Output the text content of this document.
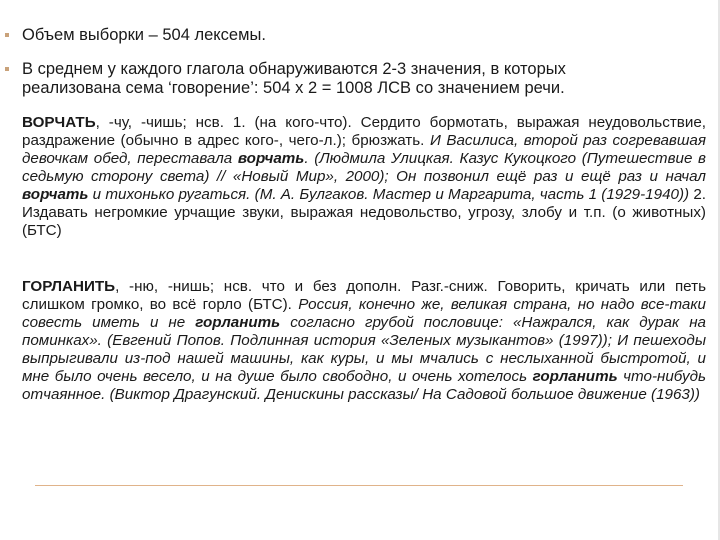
Объем выборки – 504 лексемы.
В среднем у каждого глагола обнаруживаются 2-3 значения, в которых
реализована сема ‘говорение’: 504 x 2 = 1008 ЛСВ со значением речи.
ВОРЧАТЬ, -чу, -чишь; нсв. 1. (на кого-что). Сердито бормотать, выражая неудовольствие, раздражение (обычно в адрес кого-, чего-л.); брюзжать. И Василиса, второй раз согревавшая девочкам обед, переставала ворчать. (Людмила Улицкая. Казус Кукоцкого (Путешествие в седьмую сторону света) // «Новый Мир», 2000); Он позвонил ещё раз и ещё раз и начал ворчать и тихонько ругаться. (М. А. Булгаков. Мастер и Маргарита, часть 1 (1929-1940)) 2. Издавать негромкие урчащие звуки, выражая недовольство, угрозу, злобу и т.п. (о животных) (БТС)
ГОРЛАНИТЬ, -ню, -нишь; нсв. что и без дополн. Разг.-сниж. Говорить, кричать или петь слишком громко, во всё горло (БТС). Россия, конечно же, великая страна, но надо все-таки совесть иметь и не горланить согласно грубой пословице: «Нажрался, как дурак на поминках». (Евгений Попов. Подлинная история «Зеленых музыкантов» (1997)); И пешеходы выпрыгивали из-под нашей машины, как куры, и мы мчались с неслыханной быстротой, и мне было очень весело, и на душе было свободно, и очень хотелось горланить что-нибудь отчаянное. (Виктор Драгунский. Денискины рассказы/ На Садовой большое движение (1963))
